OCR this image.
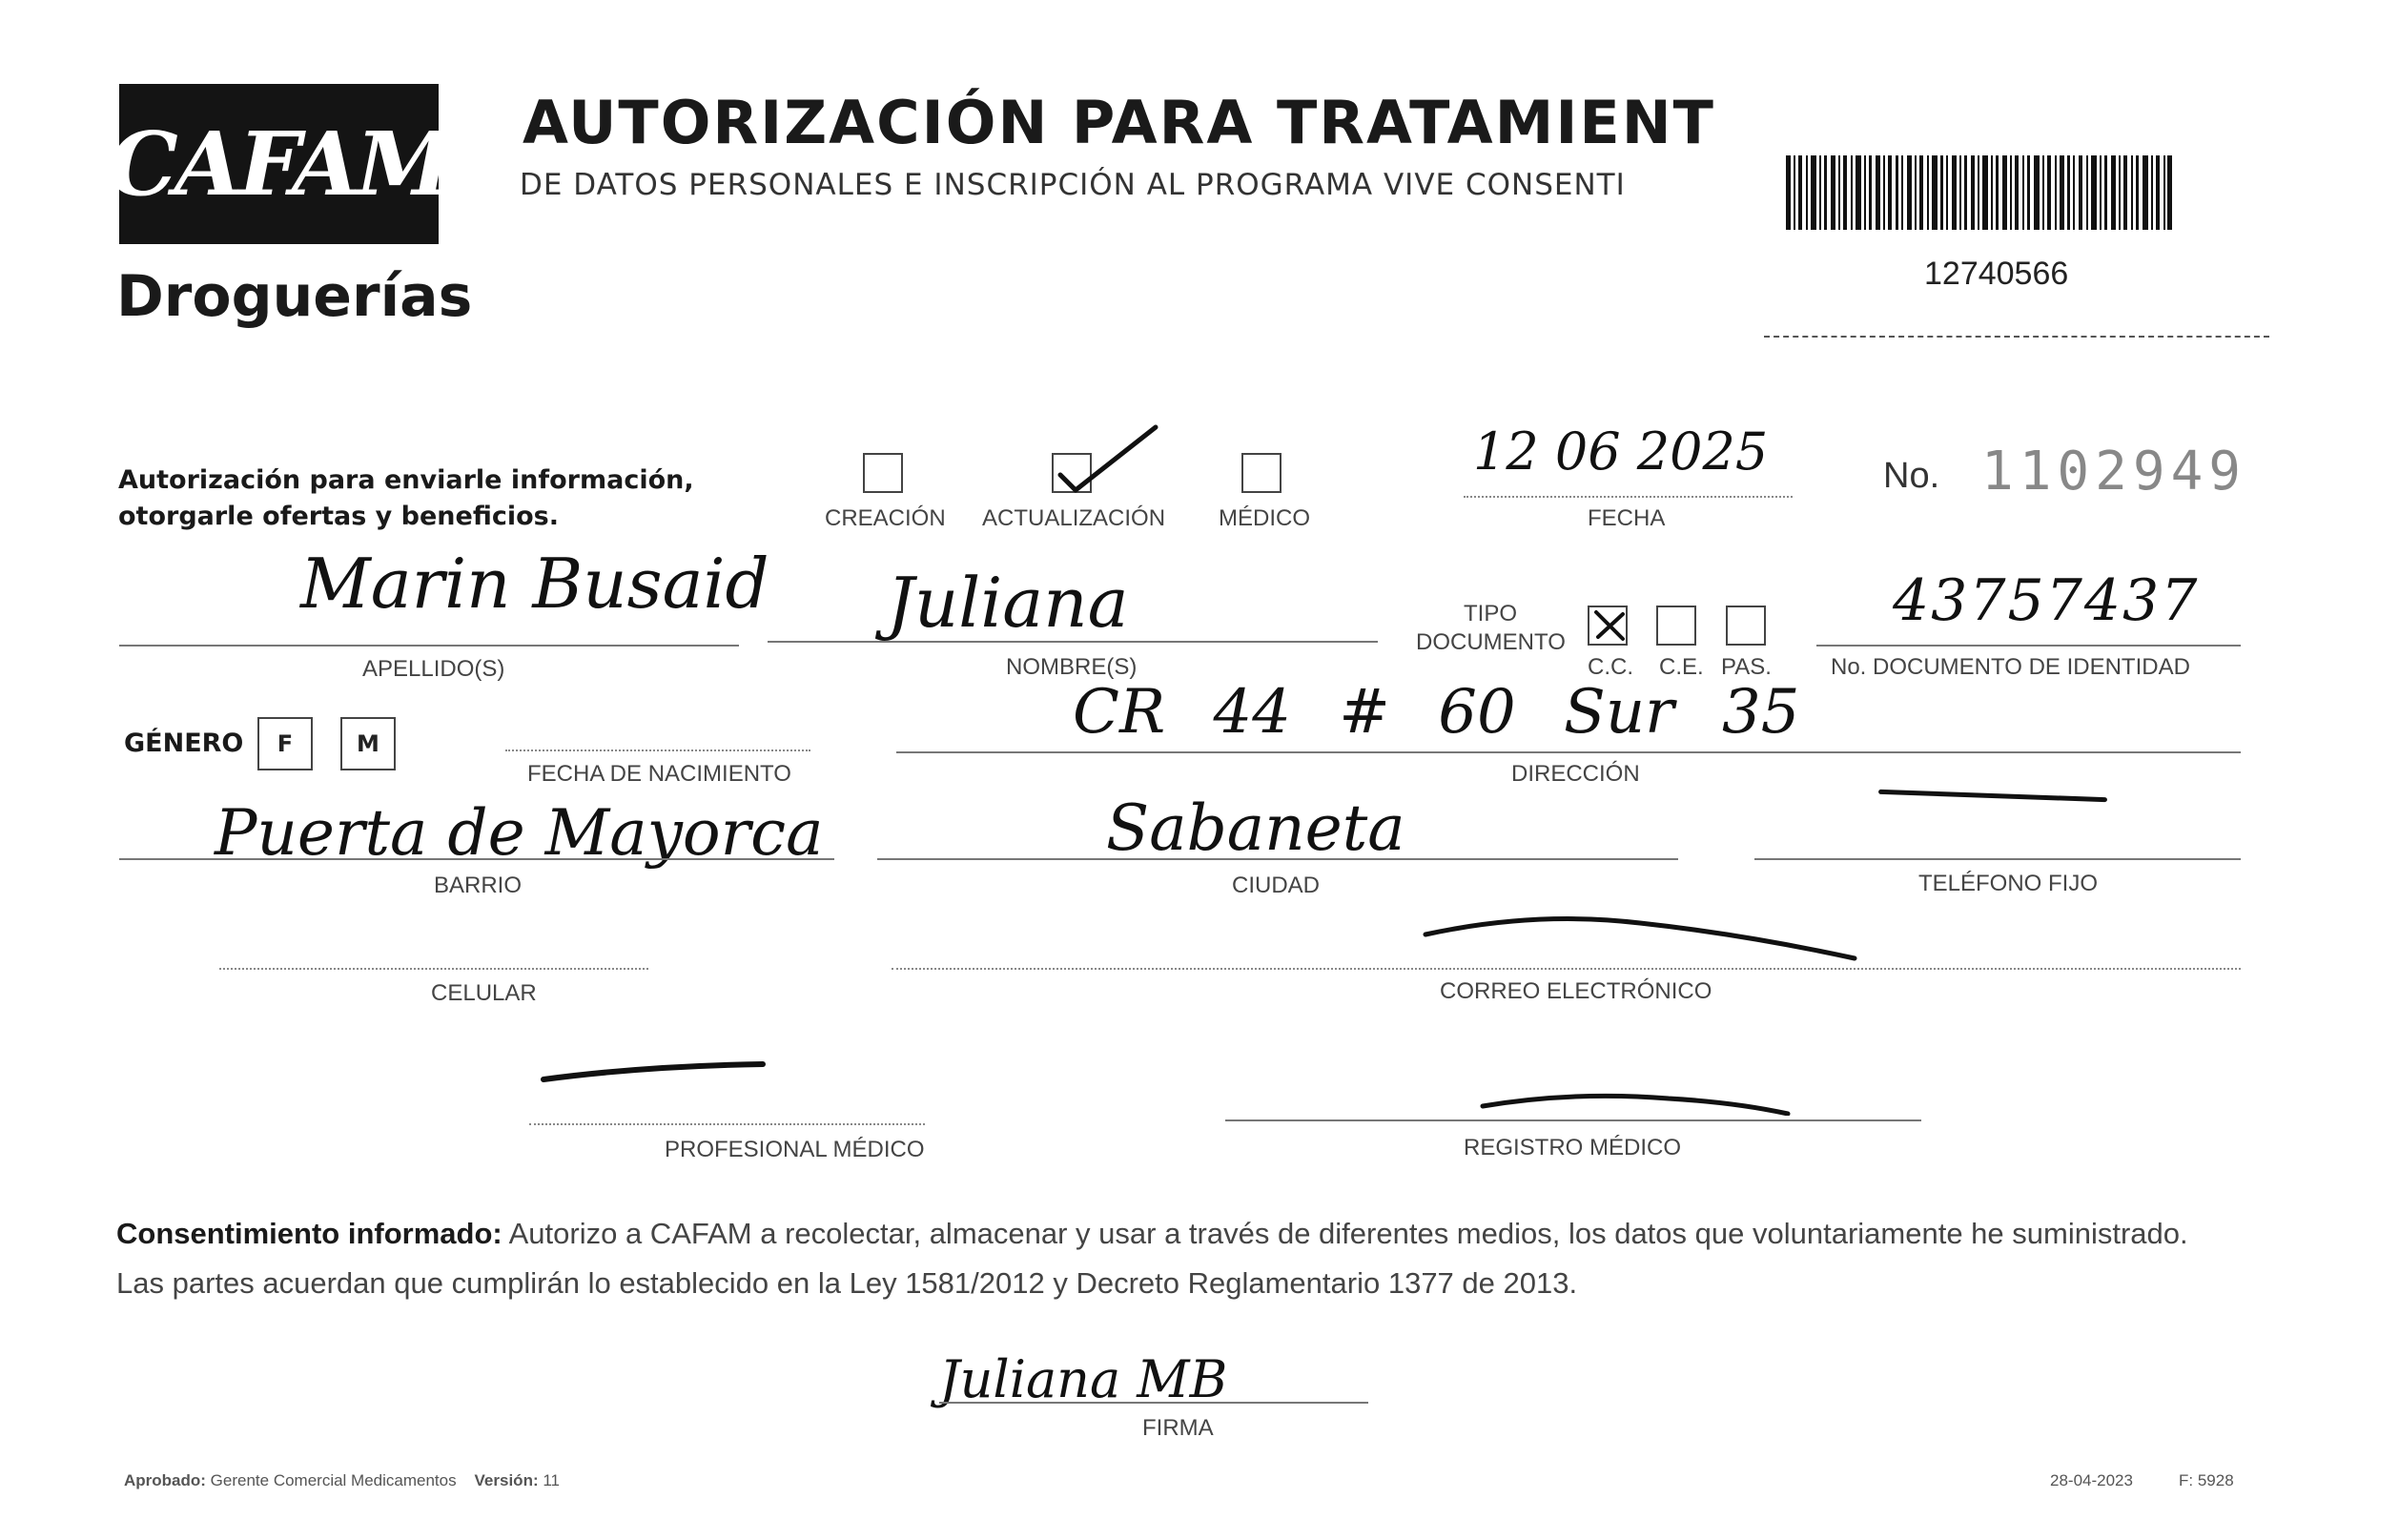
CAFAM
Droguerías
AUTORIZACIÓN PARA TRATAMIENT
DE DATOS PERSONALES E INSCRIPCIÓN AL PROGRAMA VIVE CONSENTI
12740566
Autorización para enviarle información,
otorgarle ofertas y beneficios.	CREACIÓN ACTUALIZACIÓN MÉDICO
12 06 2025
FECHA
No. 1102949
Marin Busaid
APELLIDO(S)
Juliana
NOMBRE(S)
TIPO
DOCUMENTO
C.C. C.E. PAS.
43757437
No. DOCUMENTO DE IDENTIDAD
GÉNERO	F	M
FECHA DE NACIMIENTO
CR 44 # 60 Sur 35
DIRECCIÓN
Puerta de Mayorca
BARRIO
Sabaneta
CIUDAD	TELÉFONO FIJO
CELULAR	CORREO ELECTRÓNICO
PROFESIONAL MÉDICO	REGISTRO MÉDICO
Consentimiento informado: Autorizo a CAFAM a recolectar, almacenar y usar a través de diferentes medios, los datos que voluntariamente he suministrado.
Las partes acuerdan que cumplirán lo establecido en la Ley 1581/2012 y Decreto Reglamentario 1377 de 2013.
Juliana MB
FIRMA
Aprobado: Gerente Comercial Medicamentos Versión: 11	28-04-2023	F: 5928
